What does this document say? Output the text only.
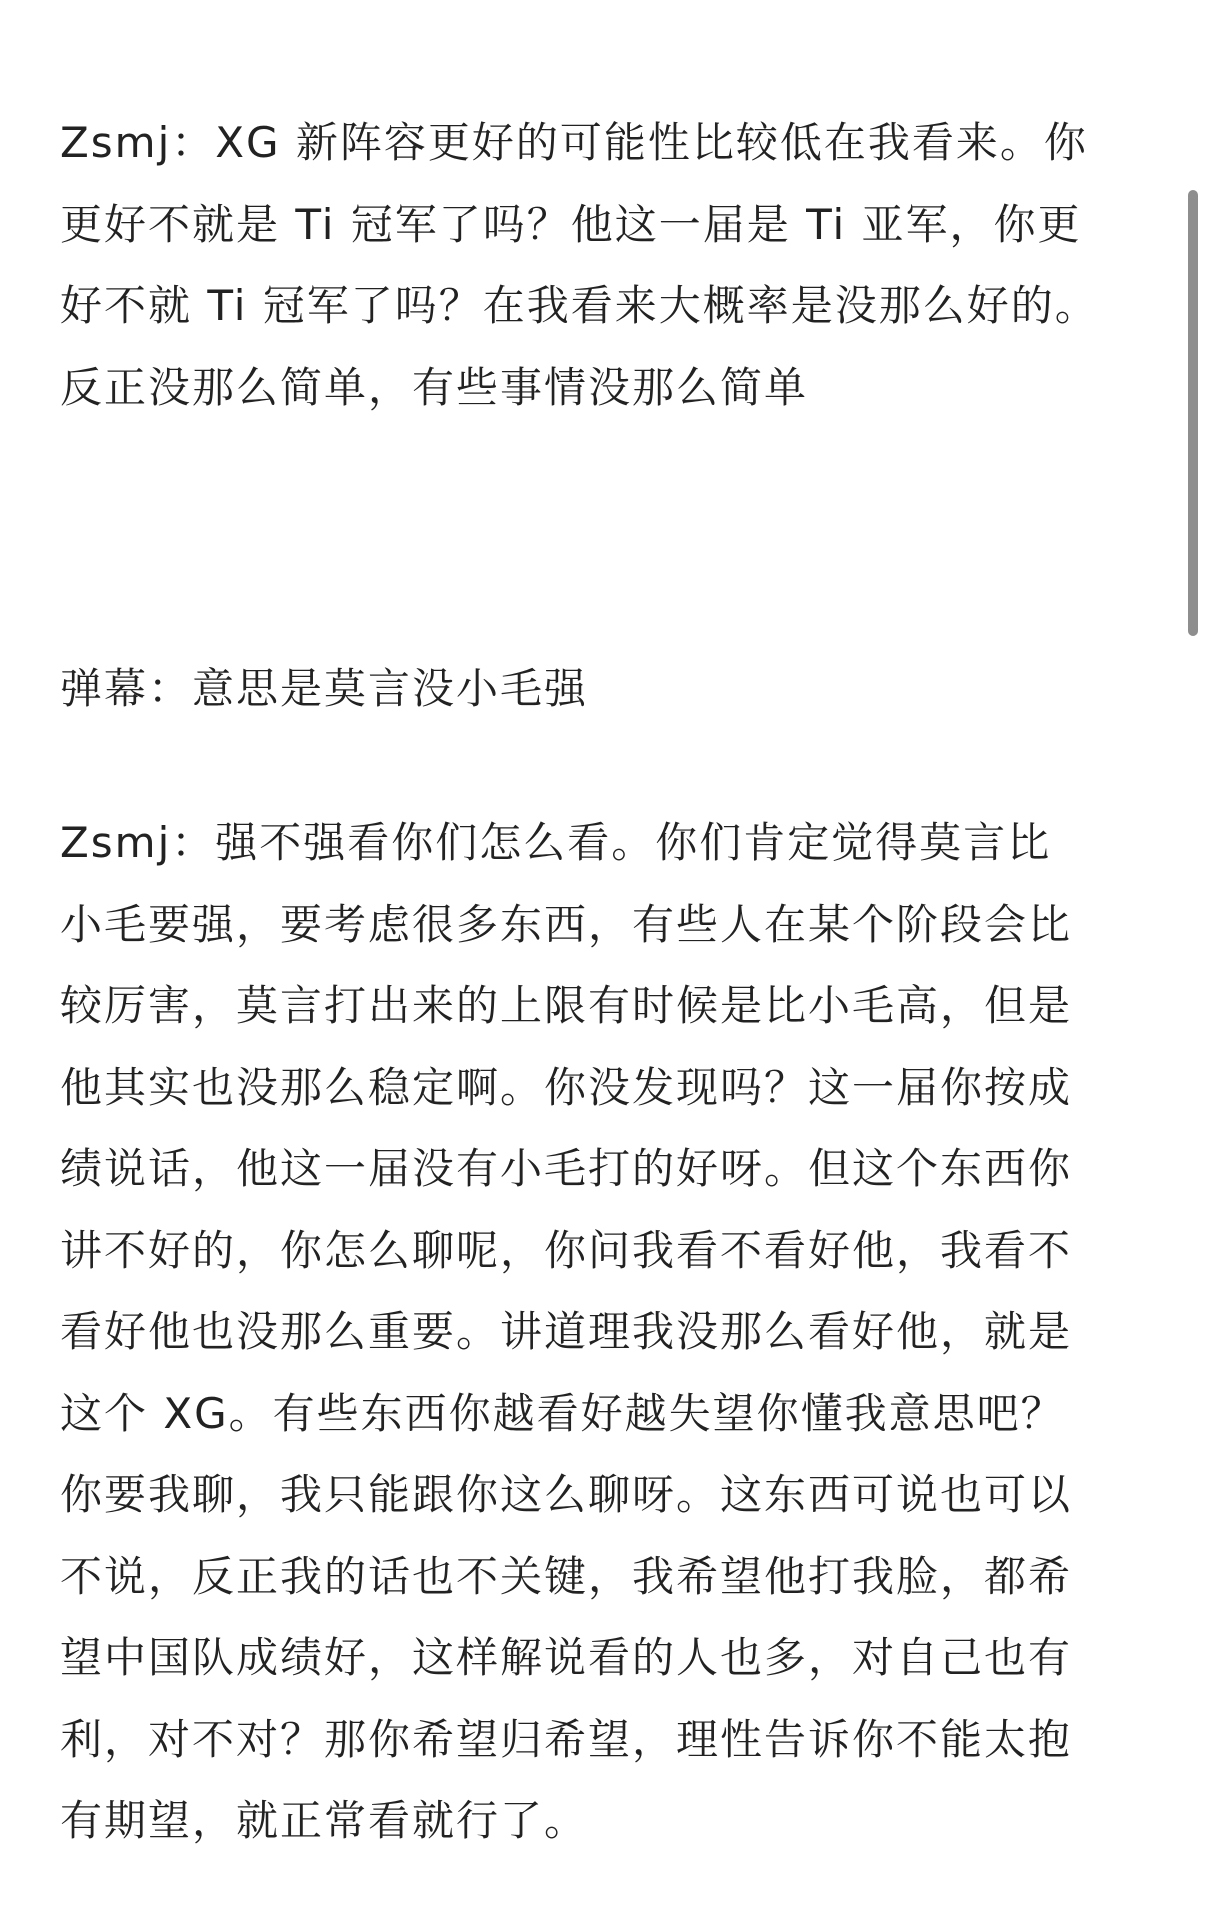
Zsmj：XG 新阵容更好的可能性比较低在我看来。你
更好不就是 Ti 冠军了吗？他这一届是 Ti 亚军，你更
好不就 Ti 冠军了吗？在我看来大概率是没那么好的。
反正没那么简单，有些事情没那么简单
弹幕：意思是莫言没小毛强
Zsmj：强不强看你们怎么看。你们肯定觉得莫言比
小毛要强，要考虑很多东西，有些人在某个阶段会比
较厉害，莫言打出来的上限有时候是比小毛高，但是
他其实也没那么稳定啊。你没发现吗？这一届你按成
绩说话，他这一届没有小毛打的好呀。但这个东西你
讲不好的，你怎么聊呢，你问我看不看好他，我看不
看好他也没那么重要。讲道理我没那么看好他，就是
这个 XG。有些东西你越看好越失望你懂我意思吧？
你要我聊，我只能跟你这么聊呀。这东西可说也可以
不说，反正我的话也不关键，我希望他打我脸，都希
望中国队成绩好，这样解说看的人也多，对自己也有
利，对不对？那你希望归希望，理性告诉你不能太抱
有期望，就正常看就行了。
